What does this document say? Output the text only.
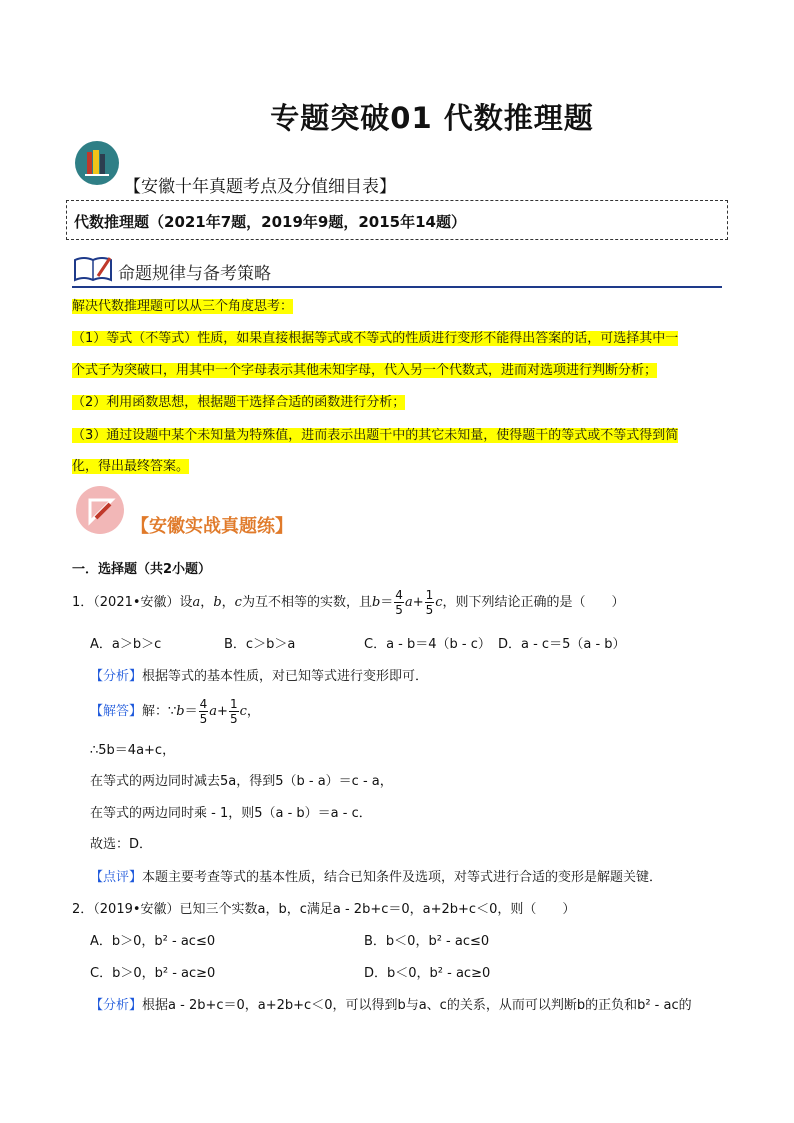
专题突破01 代数推理题
【安徽十年真题考点及分值细目表】
代数推理题（2021年7题，2019年9题，2015年14题）
命题规律与备考策略
解决代数推理题可以从三个角度思考：
（1）等式（不等式）性质，如果直接根据等式或不等式的性质进行变形不能得出答案的话，可选择其中一
个式子为突破口，用其中一个字母表示其他未知字母，代入另一个代数式，进而对选项进行判断分析；
（2）利用函数思想，根据题干选择合适的函数进行分析；
（3）通过设题中某个未知量为特殊值，进而表示出题干中的其它未知量，使得题干的等式或不等式得到简
化，得出最终答案。
【安徽实战真题练】
一．选择题（共2小题）
1．（2021•安徽）设a，b，c为互不相等的实数，且$b= \frac{4}{5} a+ \frac{1}{5}$ c，则下列结论正确的是（　　）
A．a＞b＞c	B．c＞b＞a	C．a - b＝4（b - c） D．a - c＝5（a - b）
【分析】根据等式的基本性质，对已知等式进行变形即可．
【解答】解：∵b＝ $\frac{4}{5} a+ \frac{1}{5}$ c，
∴5b＝4a+c，
在等式的两边同时减去5a，得到5（b - a）＝c - a，
在等式的两边同时乘 - 1，则5（a - b）＝a - c．
故选：D．
【点评】本题主要考查等式的基本性质，结合已知条件及选项，对等式进行合适的变形是解题关键．
2．（2019•安徽）已知三个实数a，b，c满足a - 2b+c＝0，a+2b+c＜0，则（　　）
A．b＞0，b² - ac≤0	B．b＜0，b² - ac≤0
C．b＞0，b² - ac≥0	D．b＜0，b² - ac≥0
【分析】根据a - 2b+c＝0，a+2b+c＜0，可以得到b与a、c的关系，从而可以判断b的正负和b² - ac的
